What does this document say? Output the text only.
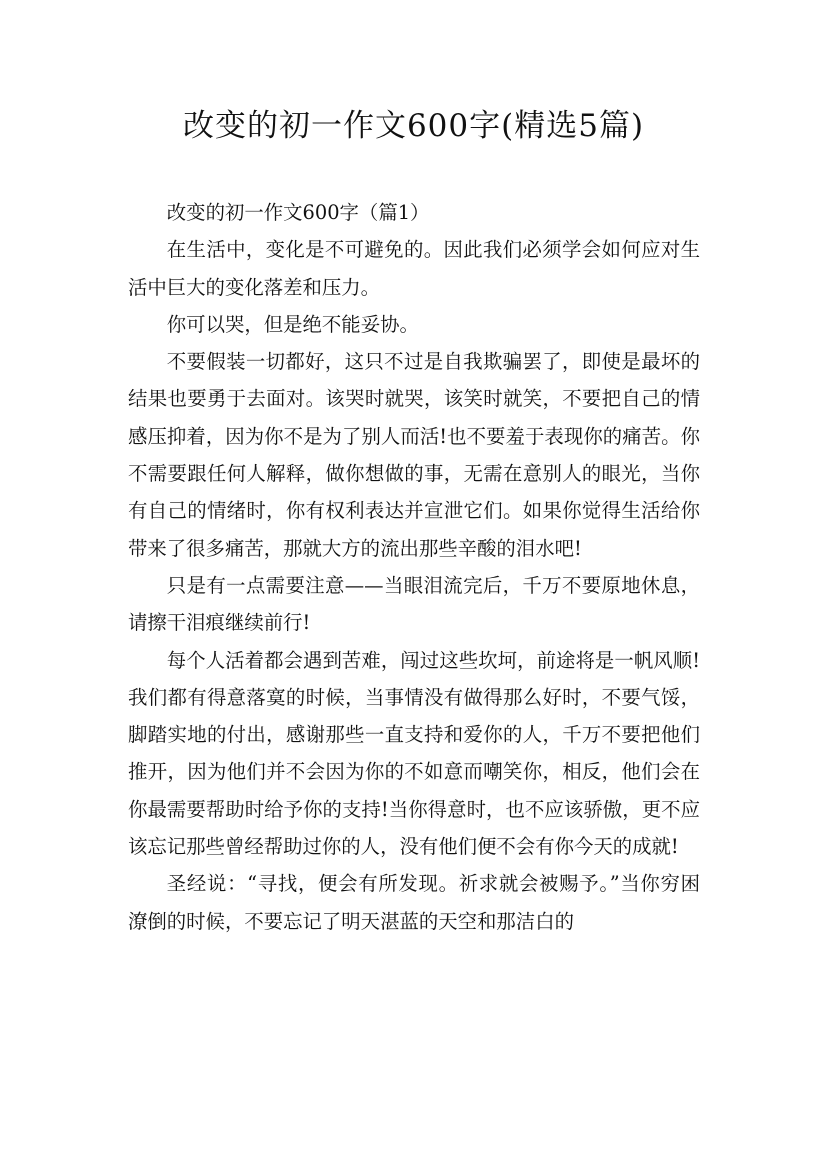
改变的初一作文600字(精选5篇)

改变的初一作文600字（篇1）

在生活中，变化是不可避免的。因此我们必须学会如何应对生活中巨大的变化落差和压力。

你可以哭，但是绝不能妥协。

不要假装一切都好，这只不过是自我欺骗罢了，即使是最坏的结果也要勇于去面对。该哭时就哭，该笑时就笑，不要把自己的情感压抑着，因为你不是为了别人而活!也不要羞于表现你的痛苦。你不需要跟任何人解释，做你想做的事，无需在意别人的眼光，当你有自己的情绪时，你有权利表达并宣泄它们。如果你觉得生活给你带来了很多痛苦，那就大方的流出那些辛酸的泪水吧!

只是有一点需要注意——当眼泪流完后，千万不要原地休息，请擦干泪痕继续前行!

每个人活着都会遇到苦难，闯过这些坎坷，前途将是一帆风顺!我们都有得意落寞的时候，当事情没有做得那么好时，不要气馁，脚踏实地的付出，感谢那些一直支持和爱你的人，千万不要把他们推开，因为他们并不会因为你的不如意而嘲笑你，相反，他们会在你最需要帮助时给予你的支持!当你得意时，也不应该骄傲，更不应该忘记那些曾经帮助过你的人，没有他们便不会有你今天的成就!

圣经说：“寻找，便会有所发现。祈求就会被赐予。”当你穷困潦倒的时候，不要忘记了明天湛蓝的天空和那洁白的
